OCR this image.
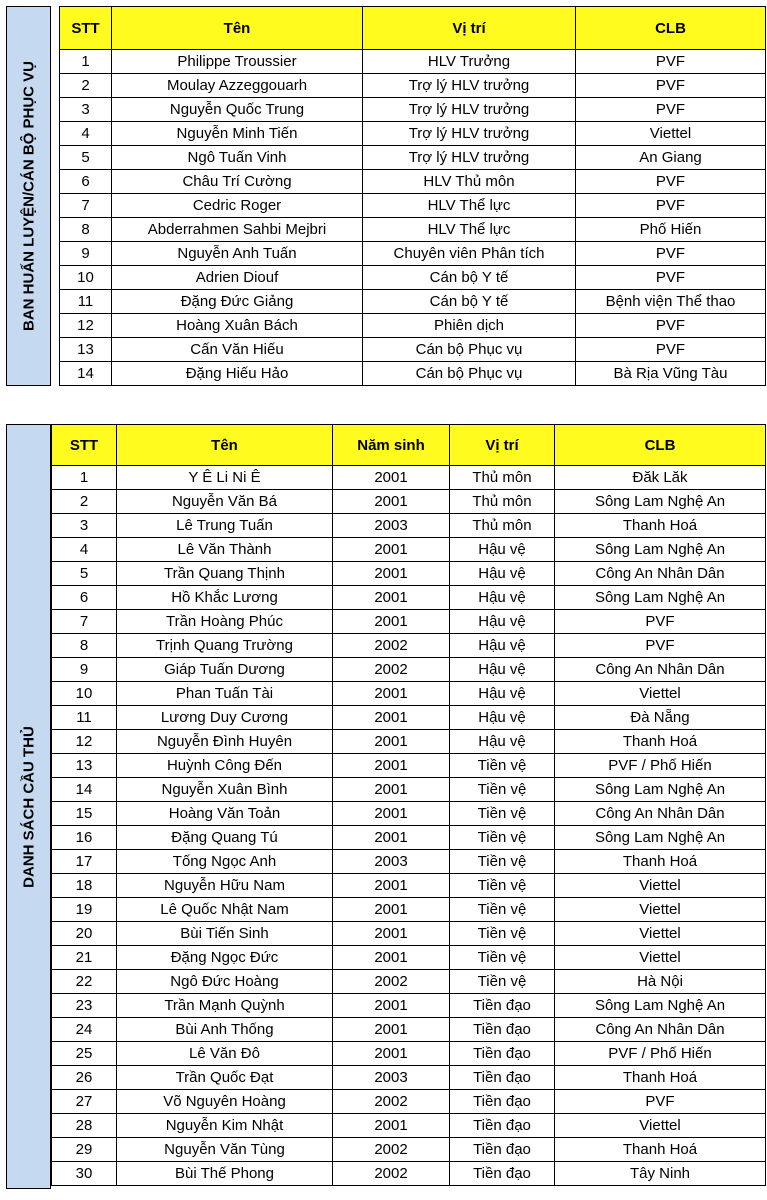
BAN HUẤN LUYỆN/CÁN BỘ PHỤC VỤ
STT	Tên	Vị trí	CLB
1	Philippe Troussier	HLV Trưởng	PVF
2	Moulay Azzeggouarh	Trợ lý HLV trưởng	PVF
3	Nguyễn Quốc Trung	Trợ lý HLV trưởng	PVF
4	Nguyễn Minh Tiến	Trợ lý HLV trưởng	Viettel
5	Ngô Tuấn Vinh	Trợ lý HLV trưởng	An Giang
6	Châu Trí Cường	HLV Thủ môn	PVF
7	Cedric Roger	HLV Thể lực	PVF
8	Abderrahmen Sahbi Mejbri	HLV Thể lực	Phố Hiến
9	Nguyễn Anh Tuấn	Chuyên viên Phân tích	PVF
10	Adrien Diouf	Cán bộ Y tế	PVF
11	Đặng Đức Giảng	Cán bộ Y tế	Bệnh viện Thể thao
12	Hoàng Xuân Bách	Phiên dịch	PVF
13	Cấn Văn Hiếu	Cán bộ Phục vụ	PVF
14	Đặng Hiếu Hảo	Cán bộ Phục vụ	Bà Rịa Vũng Tàu
DANH SÁCH CẦU THỦ
STT	Tên	Năm sinh	Vị trí	CLB
1	Y Ê Li Ni Ê	2001	Thủ môn	Đăk Lăk
2	Nguyễn Văn Bá	2001	Thủ môn	Sông Lam Nghệ An
3	Lê Trung Tuấn	2003	Thủ môn	Thanh Hoá
4	Lê Văn Thành	2001	Hậu vệ	Sông Lam Nghệ An
5	Trần Quang Thịnh	2001	Hậu vệ	Công An Nhân Dân
6	Hồ Khắc Lương	2001	Hậu vệ	Sông Lam Nghệ An
7	Trần Hoàng Phúc	2001	Hậu vệ	PVF
8	Trịnh Quang Trường	2002	Hậu vệ	PVF
9	Giáp Tuấn Dương	2002	Hậu vệ	Công An Nhân Dân
10	Phan Tuấn Tài	2001	Hậu vệ	Viettel
11	Lương Duy Cương	2001	Hậu vệ	Đà Nẵng
12	Nguyễn Đình Huyên	2001	Hậu vệ	Thanh Hoá
13	Huỳnh Công Đến	2001	Tiền vệ	PVF / Phố Hiến
14	Nguyễn Xuân Bình	2001	Tiền vệ	Sông Lam Nghệ An
15	Hoàng Văn Toản	2001	Tiền vệ	Công An Nhân Dân
16	Đặng Quang Tú	2001	Tiền vệ	Sông Lam Nghệ An
17	Tống Ngọc Anh	2003	Tiền vệ	Thanh Hoá
18	Nguyễn Hữu Nam	2001	Tiền vệ	Viettel
19	Lê Quốc Nhật Nam	2001	Tiền vệ	Viettel
20	Bùi Tiến Sinh	2001	Tiền vệ	Viettel
21	Đặng Ngọc Đức	2001	Tiền vệ	Viettel
22	Ngô Đức Hoàng	2002	Tiền vệ	Hà Nội
23	Trần Mạnh Quỳnh	2001	Tiền đạo	Sông Lam Nghệ An
24	Bùi Anh Thống	2001	Tiền đạo	Công An Nhân Dân
25	Lê Văn Đô	2001	Tiền đạo	PVF / Phố Hiến
26	Trần Quốc Đạt	2003	Tiền đạo	Thanh Hoá
27	Võ Nguyên Hoàng	2002	Tiền đạo	PVF
28	Nguyễn Kim Nhật	2001	Tiền đạo	Viettel
29	Nguyễn Văn Tùng	2002	Tiền đạo	Thanh Hoá
30	Bùi Thế Phong	2002	Tiền đạo	Tây Ninh
